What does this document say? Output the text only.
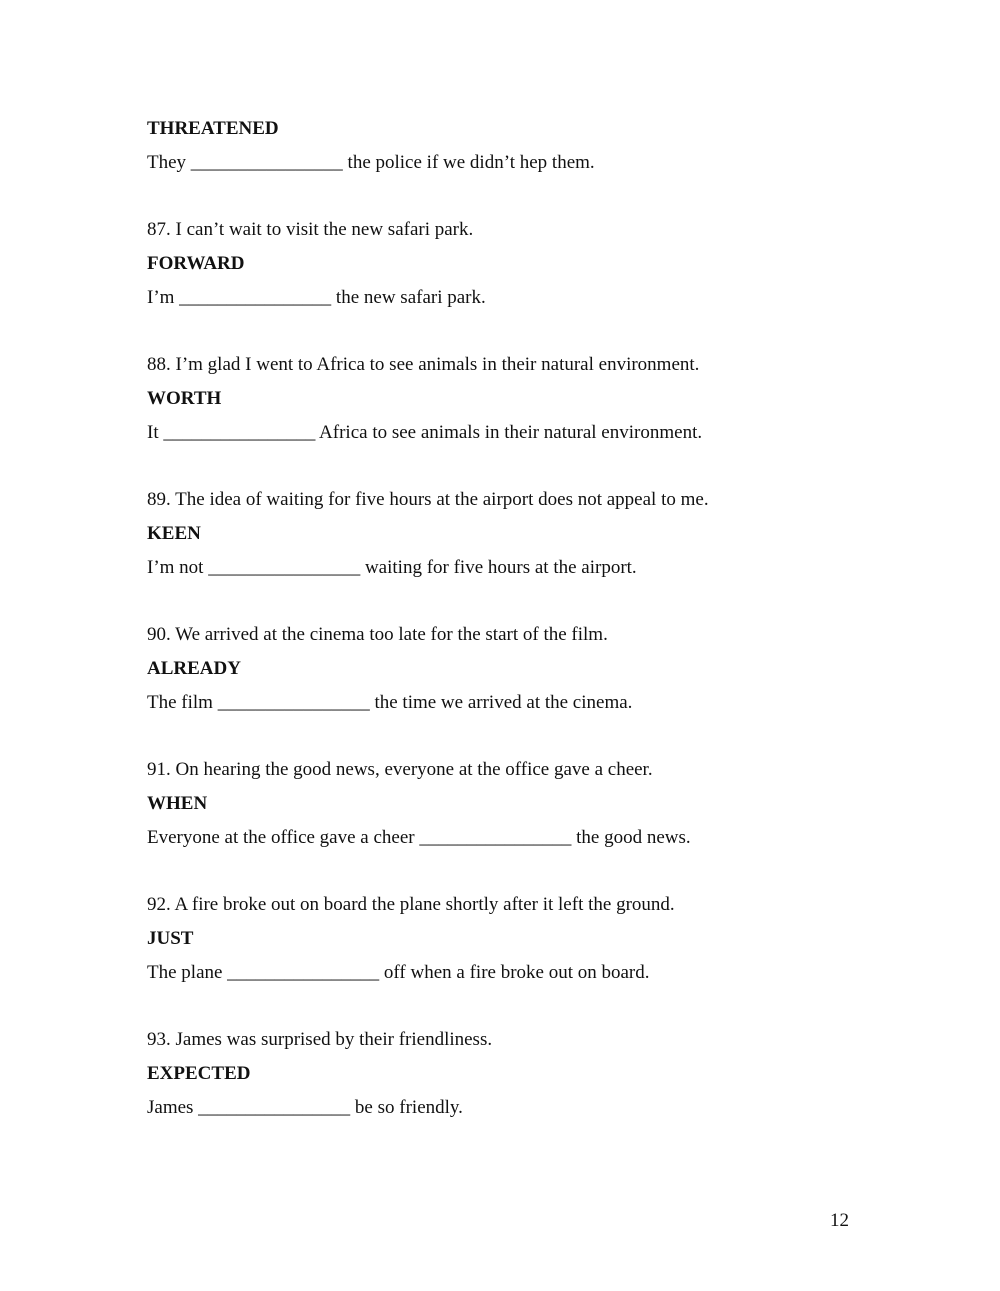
THREATENED
They ________________ the police if we didn’t hep them.
87. I can’t wait to visit the new safari park.
FORWARD
I’m ________________ the new safari park.
88. I’m glad I went to Africa to see animals in their natural environment.
WORTH
It ________________ Africa to see animals in their natural environment.
89. The idea of waiting for five hours at the airport does not appeal to me.
KEEN
I’m not ________________ waiting for five hours at the airport.
90. We arrived at the cinema too late for the start of the film.
ALREADY
The film ________________ the time we arrived at the cinema.
91. On hearing the good news, everyone at the office gave a cheer.
WHEN
Everyone at the office gave a cheer ________________ the good news.
92. A fire broke out on board the plane shortly after it left the ground.
JUST
The plane ________________ off when a fire broke out on board.
93. James was surprised by their friendliness.
EXPECTED
James ________________ be so friendly.
12
